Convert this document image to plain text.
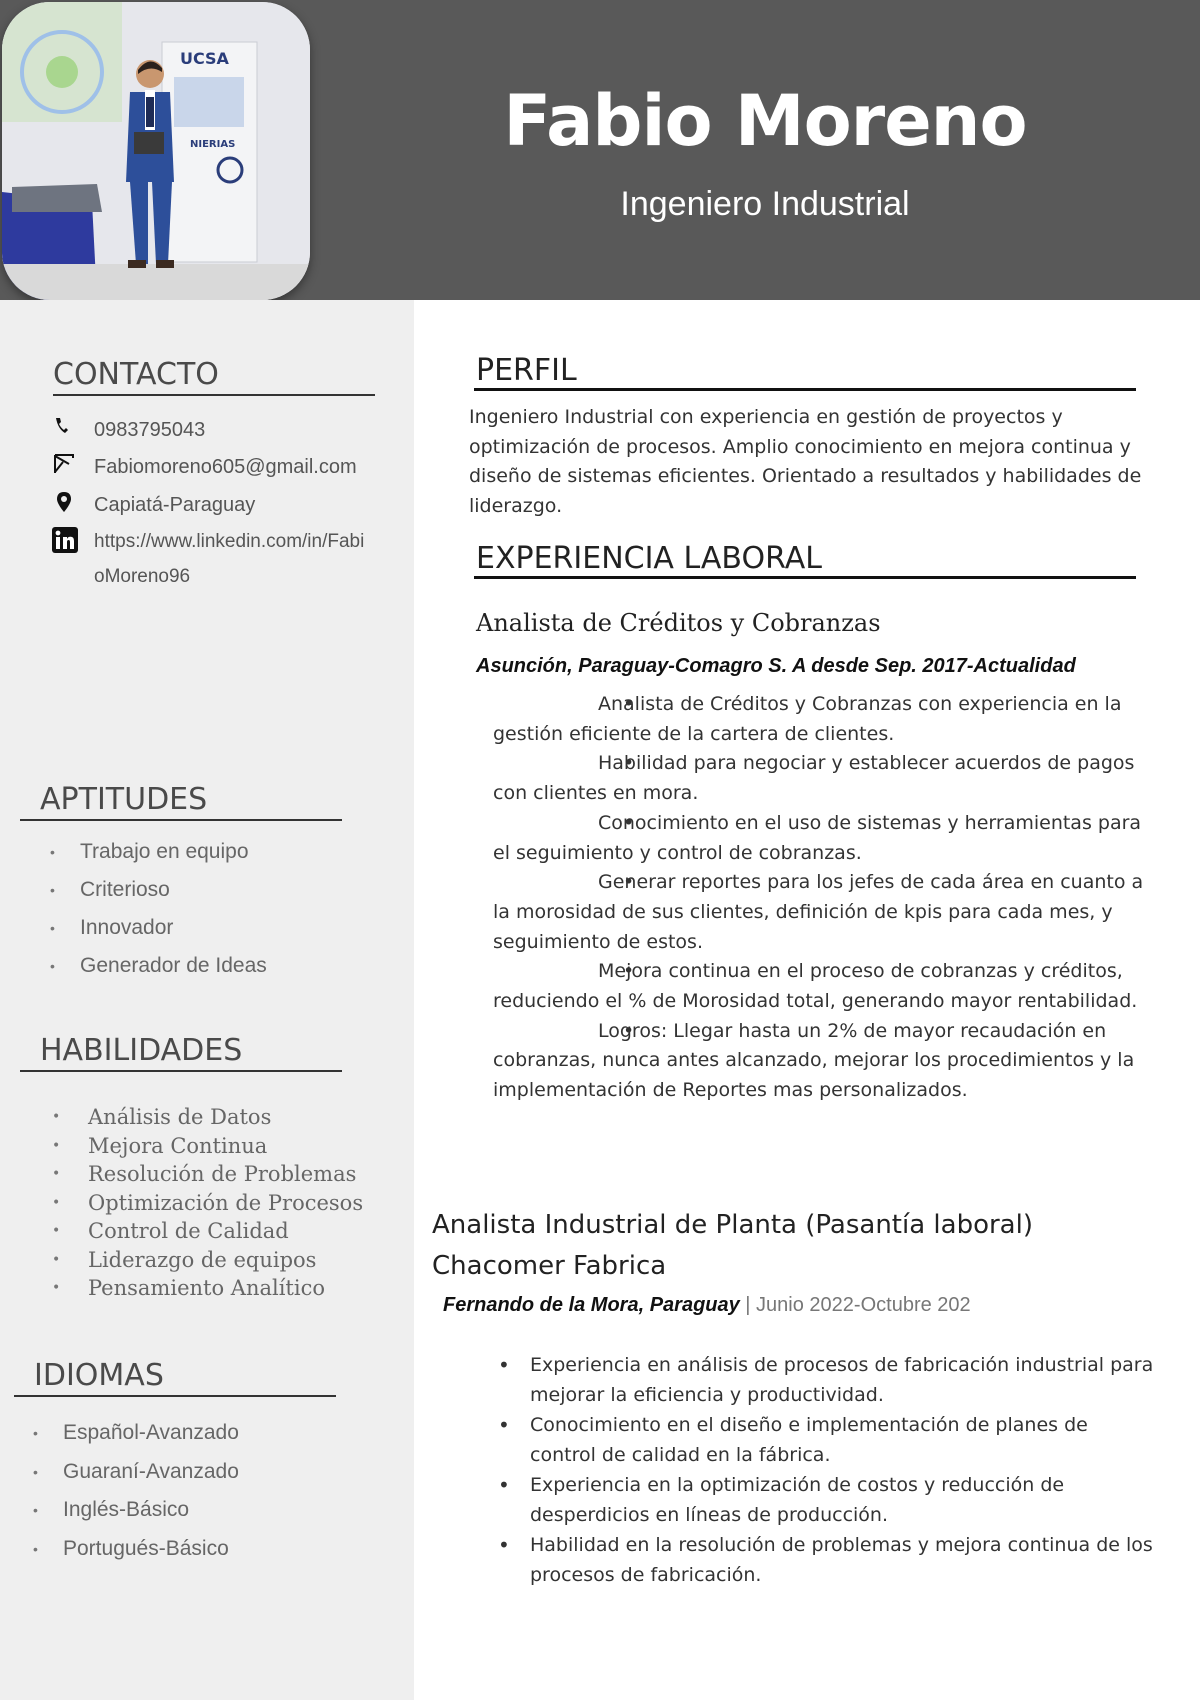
UCSA
NIERIAS	Fabio Moreno
Ingeniero Industrial
CONTACTO
0983795043
Fabiomoreno605@gmail.com
Capiatá-Paraguay
https://www.linkedin.com/in/Fabi
oMoreno96
APTITUDES
• Trabajo en equipo
• Criterioso
• Innovador
• Generador de Ideas
HABILIDADES
• Análisis de Datos
• Mejora Continua
• Resolución de Problemas
• Optimización de Procesos
• Control de Calidad
• Liderazgo de equipos
• Pensamiento Analítico
IDIOMAS
• Español-Avanzado
• Guaraní-Avanzado
• Inglés-Básico
• Portugués-Básico
PERFIL
Ingeniero Industrial con experiencia en gestión de proyectos y optimización de procesos. Amplio conocimiento en mejora continua y diseño de sistemas eficientes. Orientado a resultados y habilidades de liderazgo.
EXPERIENCIA LABORAL
Analista de Créditos y Cobranzas
Asunción, Paraguay-Comagro S. A desde Sep. 2017-Actualidad
• Analista de Créditos y Cobranzas con experiencia en la gestión eficiente de la cartera de clientes.
• Habilidad para negociar y establecer acuerdos de pagos con clientes en mora.
• Conocimiento en el uso de sistemas y herramientas para el seguimiento y control de cobranzas.
• Generar reportes para los jefes de cada área en cuanto a la morosidad de sus clientes, definición de kpis para cada mes, y seguimiento de estos.
• Mejora continua en el proceso de cobranzas y créditos, reduciendo el % de Morosidad total, generando mayor rentabilidad.
• Logros: Llegar hasta un 2% de mayor recaudación en cobranzas, nunca antes alcanzado, mejorar los procedimientos y la implementación de Reportes mas personalizados.
Analista Industrial de Planta (Pasantía laboral) Chacomer Fabrica
Fernando de la Mora, Paraguay | Junio 2022-Octubre 202
• Experiencia en análisis de procesos de fabricación industrial para mejorar la eficiencia y productividad.
• Conocimiento en el diseño e implementación de planes de control de calidad en la fábrica.
• Experiencia en la optimización de costos y reducción de desperdicios en líneas de producción.
• Habilidad en la resolución de problemas y mejora continua de los procesos de fabricación.
